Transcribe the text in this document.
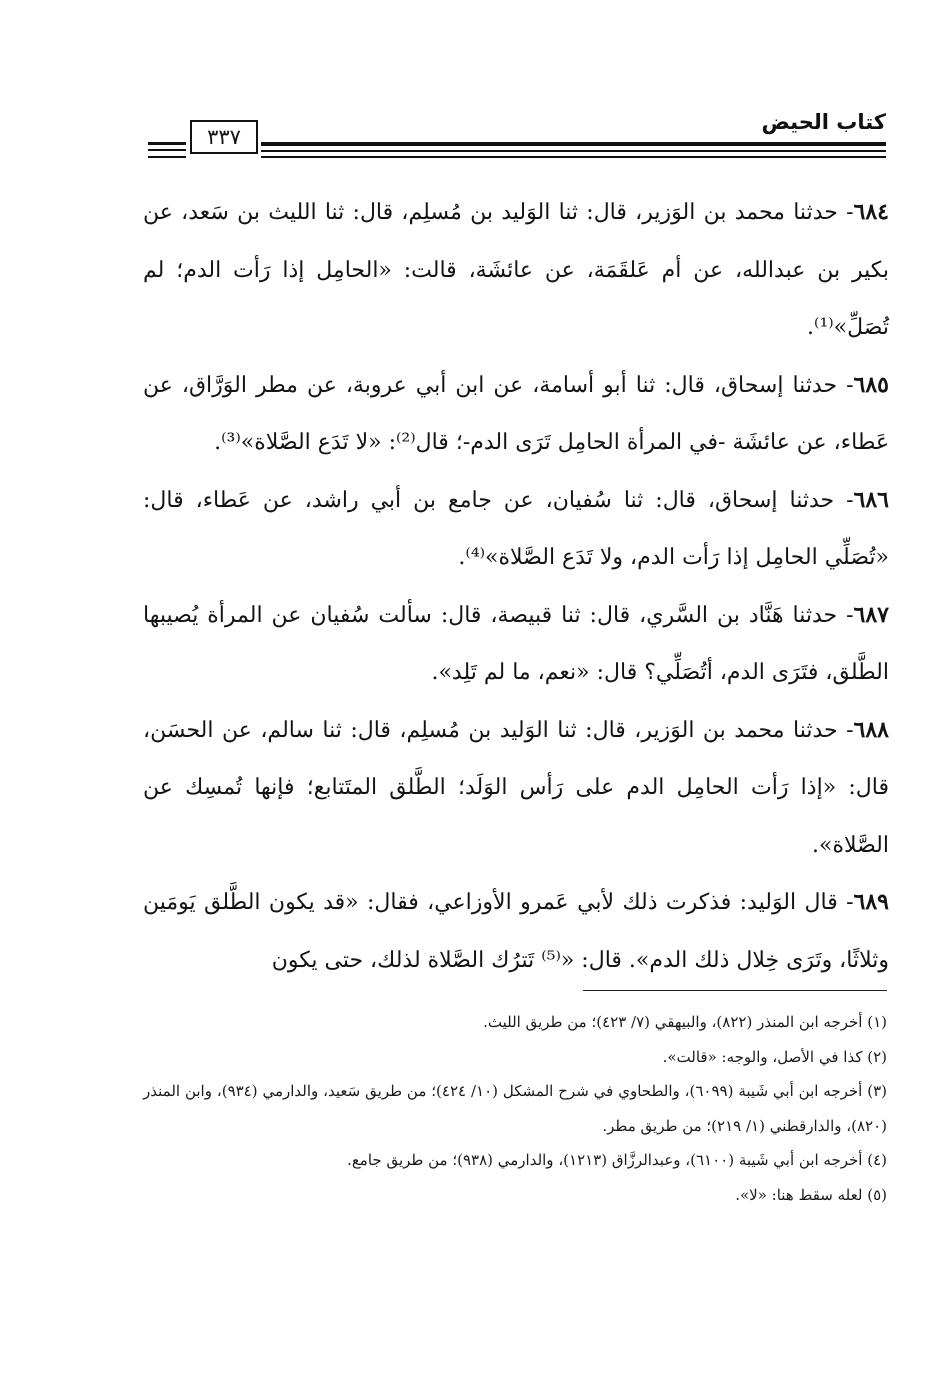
كتاب الحيض
٣٣٧

٦٨٤- حدثنا محمد بن الوَزير، قال: ثنا الوَليد بن مُسلِم، قال: ثنا الليث بن سَعد، عن بكير بن عبدالله، عن أم عَلقَمَة، عن عائشَة، قالت: «الحامِل إذا رَأت الدم؛ لم تُصَلِّ»⁽¹⁾.

٦٨٥- حدثنا إسحاق، قال: ثنا أبو أسامة، عن ابن أبي عروبة، عن مطر الوَرَّاق، عن عَطاء، عن عائشَة -في المرأة الحامِل تَرَى الدم-؛ قال⁽²⁾: «لا تَدَع الصَّلاة»⁽³⁾.

٦٨٦- حدثنا إسحاق، قال: ثنا سُفيان، عن جامع بن أبي راشد، عن عَطاء، قال: «تُصَلِّي الحامِل إذا رَأت الدم، ولا تَدَع الصَّلاة»⁽⁴⁾.

٦٨٧- حدثنا هَنَّاد بن السَّري، قال: ثنا قبيصة، قال: سألت سُفيان عن المرأة يُصيبها الطَّلق، فتَرَى الدم، أتُصَلِّي؟ قال: «نعم، ما لم تَلِد».

٦٨٨- حدثنا محمد بن الوَزير، قال: ثنا الوَليد بن مُسلِم، قال: ثنا سالم، عن الحسَن، قال: «إذا رَأت الحامِل الدم على رَأس الوَلَد؛ الطَّلق المتَتابع؛ فإنها تُمسِك عن الصَّلاة».

٦٨٩- قال الوَليد: فذكرت ذلك لأبي عَمرو الأوزاعي، فقال: «قد يكون الطَّلق يَومَين وثلاثًا، وتَرَى خِلال ذلك الدم». قال: «⁽⁵⁾ تَترُك الصَّلاة لذلك، حتى يكون

(١) أخرجه ابن المنذر (٨٢٢)، والبيهقي (٧/ ٤٢٣)؛ من طريق الليث.

(٢) كذا في الأصل، والوجه: «قالت».

(٣) أخرجه ابن أبي شَيبة (٦٠٩٩)، والطحاوي في شرح المشكل (١٠/ ٤٢٤)؛ من طريق سَعيد، والدارمي (٩٣٤)، وابن المنذر (٨٢٠)، والدارقطني (١/ ٢١٩)؛ من طريق مطر.

(٤) أخرجه ابن أبي شَيبة (٦١٠٠)، وعبدالرزَّاق (١٢١٣)، والدارمي (٩٣٨)؛ من طريق جامع.

(٥) لعله سقط هنا: «لا».
